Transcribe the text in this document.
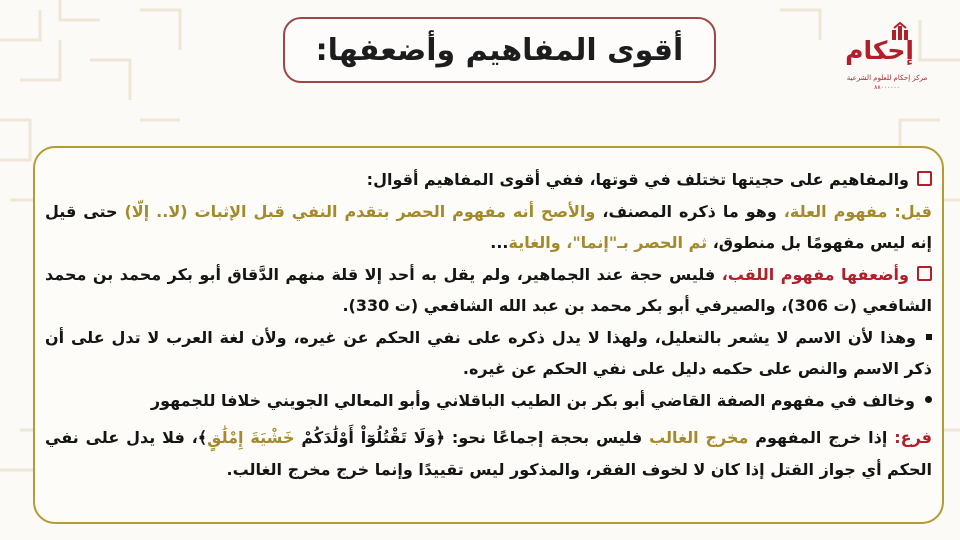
أقوى المفاهيم وأضعفها:	إحكام
مركز إحكام للعلوم الشرعية
٨٨٠٠٠٠٠٠

والمفاهيم على حجيتها تختلف في قوتها، ففي أقوى المفاهيم أقوال:

قيل: مفهوم العلة، وهو ما ذكره المصنف، والأصح أنه مفهوم الحصر بتقدم النفي قبل الإثبات (لا.. إلّا) حتى قيل إنه ليس مفهومًا بل منطوق، ثم الحصر بـ"إنما"، والغاية...

وأضعفها مفهوم اللقب، فليس حجة عند الجماهير، ولم يقل به أحد إلا قلة منهم الدَّقاق أبو بكر محمد بن محمد الشافعي (ت 306)، والصيرفي أبو بكر محمد بن عبد الله الشافعي (ت 330).

وهذا لأن الاسم لا يشعر بالتعليل، ولهذا لا يدل ذكره على نفي الحكم عن غيره، ولأن لغة العرب لا تدل على أن ذكر الاسم والنص على حكمه دليل على نفي الحكم عن غيره.

وخالف في مفهوم الصفة القاضي أبو بكر بن الطيب الباقلاني وأبو المعالي الجويني خلافا للجمهور

فرع: إذا خرج المفهوم مخرج الغالب فليس بحجة إجماعًا نحو: ﴿وَلَا تَقْتُلُوٓاْ أَوْلَٰدَكُمْ خَشْيَةَ إِمْلَٰقٍ﴾، فلا يدل على نفي الحكم أي جواز القتل إذا كان لا لخوف الفقر، والمذكور ليس تقييدًا وإنما خرج مخرج الغالب.
